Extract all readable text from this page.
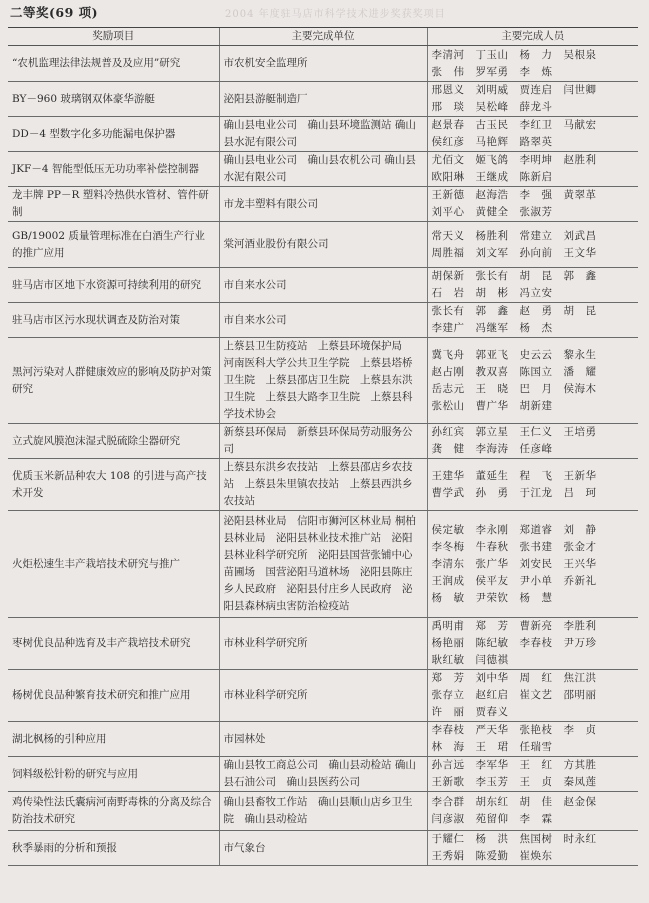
二等奖(69 项)	2004 年度驻马店市科学技术进步奖获奖项目
奖励项目	主要完成单位	主要完成人员
“农机监理法律法规普及及应用”研究	市农机安全监理所	李清河　丁玉山　杨　力　吴根泉
张　伟　罗军勇　李　炼

BY－960 玻璃钢双体豪华游艇	泌阳县游艇制造厂	邢恩义　刘明威　贾连启　闫世卿
邢　琰　吴松峰　薛龙斗

DD－4 型数字化多功能漏电保护器	确山县电业公司　确山县环境监测站 确山县水泥有限公司	赵景春　古玉民　李红卫　马献宏
侯红彦　马艳辉　路翠英

JKF－4 智能型低压无功功率补偿控制器	确山县电业公司　确山县农机公司 确山县水泥有限公司	尤佰文　姬飞鸽　李明坤　赵胜利
欧阳琳　王继成　陈新启

龙丰牌 PP－R 塑料冷热供水管材、管件研制	市龙丰塑料有限公司	王新德　赵海浩　李　强　黄翠革
刘平心　黄健全　张淑芳

GB/19002 质量管理标准在白酒生产行业的推广应用	棠河酒业股份有限公司	常天义　杨胜利　常建立　刘武昌
周胜福　刘文军　孙向前　王文华

驻马店市区地下水资源可持续利用的研究	市自来水公司	胡保新　张长有　胡　昆　郭　鑫
石　岩　胡　彬　冯立安

驻马店市区污水现状调查及防治对策	市自来水公司	张长有　郭　鑫　赵　勇　胡　昆
李建广　冯继军　杨　杰

黑河污染对人群健康效应的影响及防护对策研究	上蔡县卫生防疫站　上蔡县环境保护局　河南医科大学公共卫生学院　上蔡县塔桥卫生院　上蔡县邵店卫生院　上蔡县东洪卫生院　上蔡县大路李卫生院　上蔡县科学技术协会	冀飞舟　郭亚飞　史云云　黎永生
赵占刚　教双喜　陈国立　潘　耀
岳志元　王　晓　巴　月　侯海木
张松山　曹广华　胡新建

立式旋风膜泡沫湿式脱硫除尘器研究	新蔡县环保局　新蔡县环保局劳动服务公司	孙红宾　郭立星　王仁义　王培勇
龚　健　李海涛　任彦峰

优质玉米新品种农大 108 的引进与高产技术开发	上蔡县东洪乡农技站　上蔡县邵店乡农技站　上蔡县朱里镇农技站　上蔡县西洪乡农技站	王建华　董延生　程　飞　王新华
曹学武　孙　勇　于江龙　吕　珂

火炬松速生丰产栽培技术研究与推广	泌阳县林业局　信阳市狮河区林业局 桐柏县林业局　泌阳县林业技术推广站　泌阳县林业科学研究所　泌阳县国营张铺中心苗圃场　国营泌阳马道林场　泌阳县陈庄乡人民政府　泌阳县付庄乡人民政府　泌阳县森林病虫害防治检疫站	侯定敏　李永刚　郑道睿　刘　静
李冬梅　牛春秋　张书建　张金才
李清东　张广华　刘安民　王兴华
王润成　侯平友　尹小单　乔新礼
杨　敏　尹荣钦　杨　慧

枣树优良品种选育及丰产栽培技术研究	市林业科学研究所	禹明甫　郑　芳　曹新亮　李胜利
杨艳丽　陈纪敏　李春枝　尹万珍
耿红敏　闫德祺

杨树优良品种繁育技术研究和推广应用	市林业科学研究所	郑　芳　刘中华　周　红　焦江洪
张存立　赵红启　崔文艺　邵明丽
许　丽　贾春义

湖北枫杨的引种应用	市园林处	李春枝　严天华　张艳枝　李　贞
林　海　王　珺　任瑞雪

饲料级松针粉的研究与应用	确山县牧工商总公司　确山县动检站 确山县石油公司　确山县医药公司	孙言远　李军华　王　红　方其胜
王新歌　李玉芳　王　贞　秦凤莲

鸡传染性法氏囊病河南野毒株的分离及综合防治技术研究	确山县畜牧工作站　确山县顺山店乡卫生院　确山县动检站	李合群　胡东红　胡　佳　赵金保
闫彦淑　苑留仰　李　霖

秋季暴雨的分析和预报	市气象台	于耀仁　杨　洪　焦国树　时永红
王秀娟　陈爱勤　崔焕东
